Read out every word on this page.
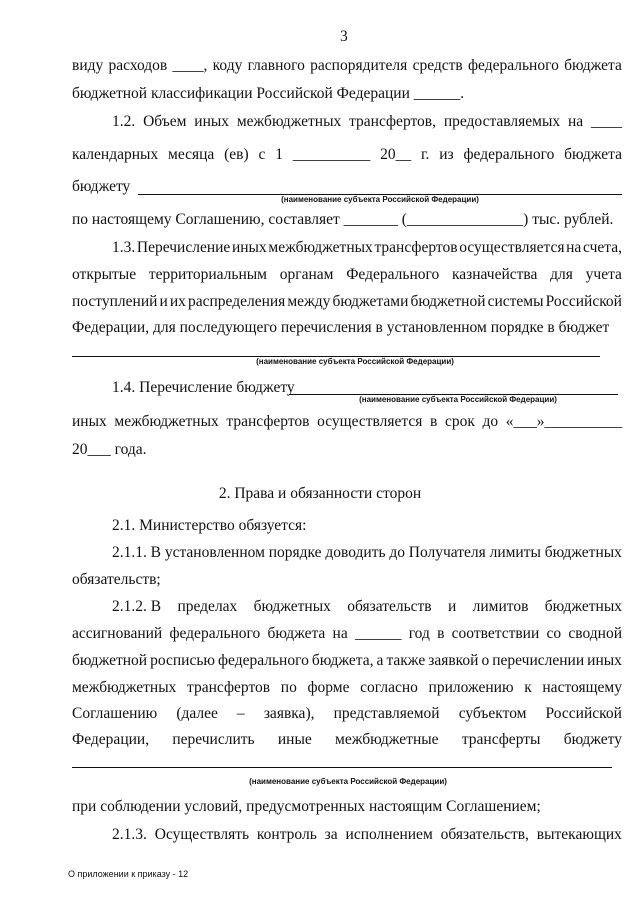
3
виду расходов ____, коду главного распорядителя средств федерального бюджета
бюджетной классификации Российской Федерации ______.
1.2. Объем иных межбюджетных трансфертов, предоставляемых на ____
календарных месяца (ев) с 1 __________ 20__ г. из федерального бюджета
бюджету
(наименование субъекта Российской Федерации)
по настоящему Соглашению, составляет _______ (_______________) тыс. рублей.
1.3. Перечисление иных межбюджетных трансфертов осуществляется на счета,
открытые территориальным органам Федерального казначейства для учета
поступлений и их распределения между бюджетами бюджетной системы Российской
Федерации, для последующего перечисления в установленном порядке в бюджет
(наименование субъекта Российской Федерации)
1.4. Перечисление бюджету
(наименование субъекта Российской Федерации)
иных межбюджетных трансфертов осуществляется в срок до «___»__________
20___ года.
2. Права и обязанности сторон
2.1. Министерство обязуется:
2.1.1. В установленном порядке доводить до Получателя лимиты бюджетных
обязательств;
2.1.2. В пределах бюджетных обязательств и лимитов бюджетных
ассигнований федерального бюджета на ______ год в соответствии со сводной
бюджетной росписью федерального бюджета, а также заявкой о перечислении иных
межбюджетных трансфертов по форме согласно приложению к настоящему
Соглашению (далее – заявка), представляемой субъектом Российской
Федерации, перечислить иные межбюджетные трансферты бюджету
(наименование субъекта Российской Федерации)
при соблюдении условий, предусмотренных настоящим Соглашением;
2.1.3. Осуществлять контроль за исполнением обязательств, вытекающих
О приложении к приказу - 12
